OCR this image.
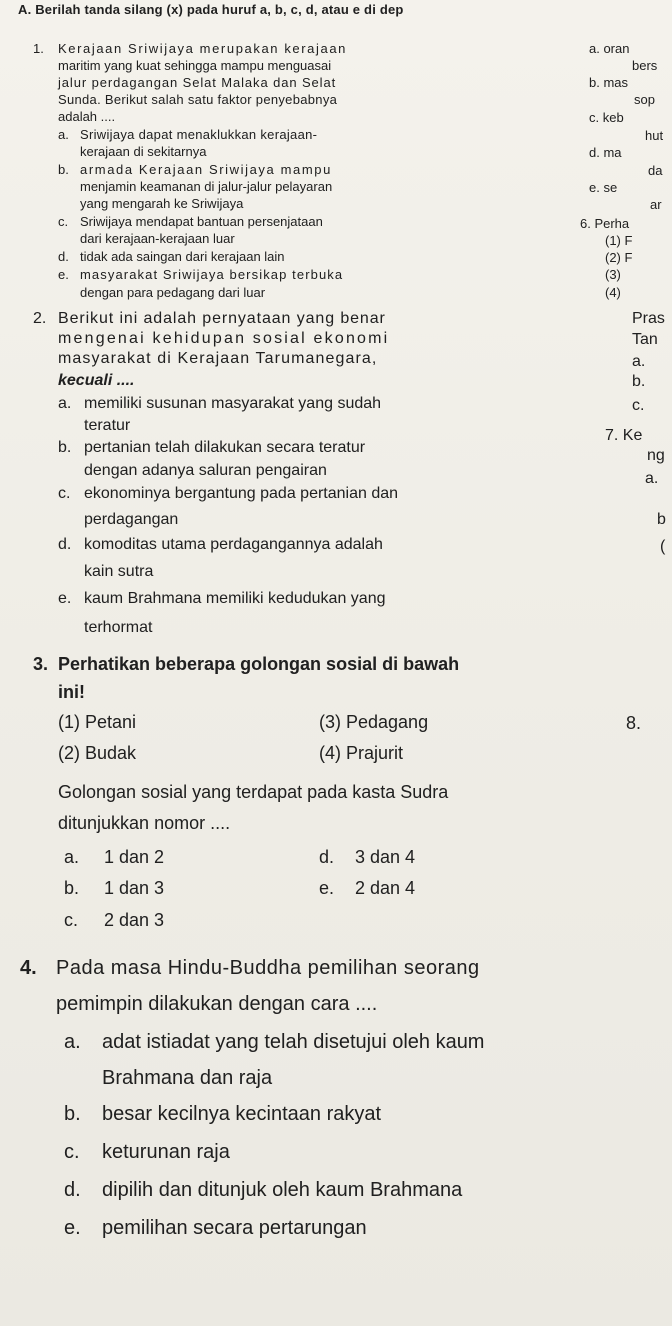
A. Berilah tanda silang (x) pada huruf a, b, c, d, atau e di dep
1. Kerajaan Sriwijaya merupakan kerajaan
maritim yang kuat sehingga mampu menguasai
jalur perdagangan Selat Malaka dan Selat
Sunda. Berikut salah satu faktor penyebabnya
adalah ....
a. Sriwijaya dapat menaklukkan kerajaan-
kerajaan di sekitarnya
b. armada Kerajaan Sriwijaya mampu
menjamin keamanan di jalur-jalur pelayaran
yang mengarah ke Sriwijaya
c. Sriwijaya mendapat bantuan persenjataan
dari kerajaan-kerajaan luar
d. tidak ada saingan dari kerajaan lain
e. masyarakat Sriwijaya bersikap terbuka
dengan para pedagang dari luar
2. Berikut ini adalah pernyataan yang benar
mengenai kehidupan sosial ekonomi
masyarakat di Kerajaan Tarumanegara,
kecuali ....
a. memiliki susunan masyarakat yang sudah
teratur
b. pertanian telah dilakukan secara teratur
dengan adanya saluran pengairan
c. ekonominya bergantung pada pertanian dan
perdagangan
d. komoditas utama perdagangannya adalah
kain sutra
e. kaum Brahmana memiliki kedudukan yang
terhormat
3. Perhatikan beberapa golongan sosial di bawah
ini!
(1) Petani
(2) Budak
(3) Pedagang
(4) Prajurit
Golongan sosial yang terdapat pada kasta Sudra
ditunjukkan nomor ....
a. 1 dan 2
b. 1 dan 3
c. 2 dan 3
d. 3 dan 4
e. 2 dan 4
4. Pada masa Hindu-Buddha pemilihan seorang
pemimpin dilakukan dengan cara ....
a. adat istiadat yang telah disetujui oleh kaum
Brahmana dan raja
b. besar kecilnya kecintaan rakyat
c. keturunan raja
d. dipilih dan ditunjuk oleh kaum Brahmana
e. pemilihan secara pertarungan
a. oran
bers
b. mas
sop
c. keb
hut
d. ma
da
e. se
ar
6. Perha
(1) F
(2) F
(3)
(4)
Pras
Tan
a.
b.
c.
7. Ke
ng
a.
b
(
8.
